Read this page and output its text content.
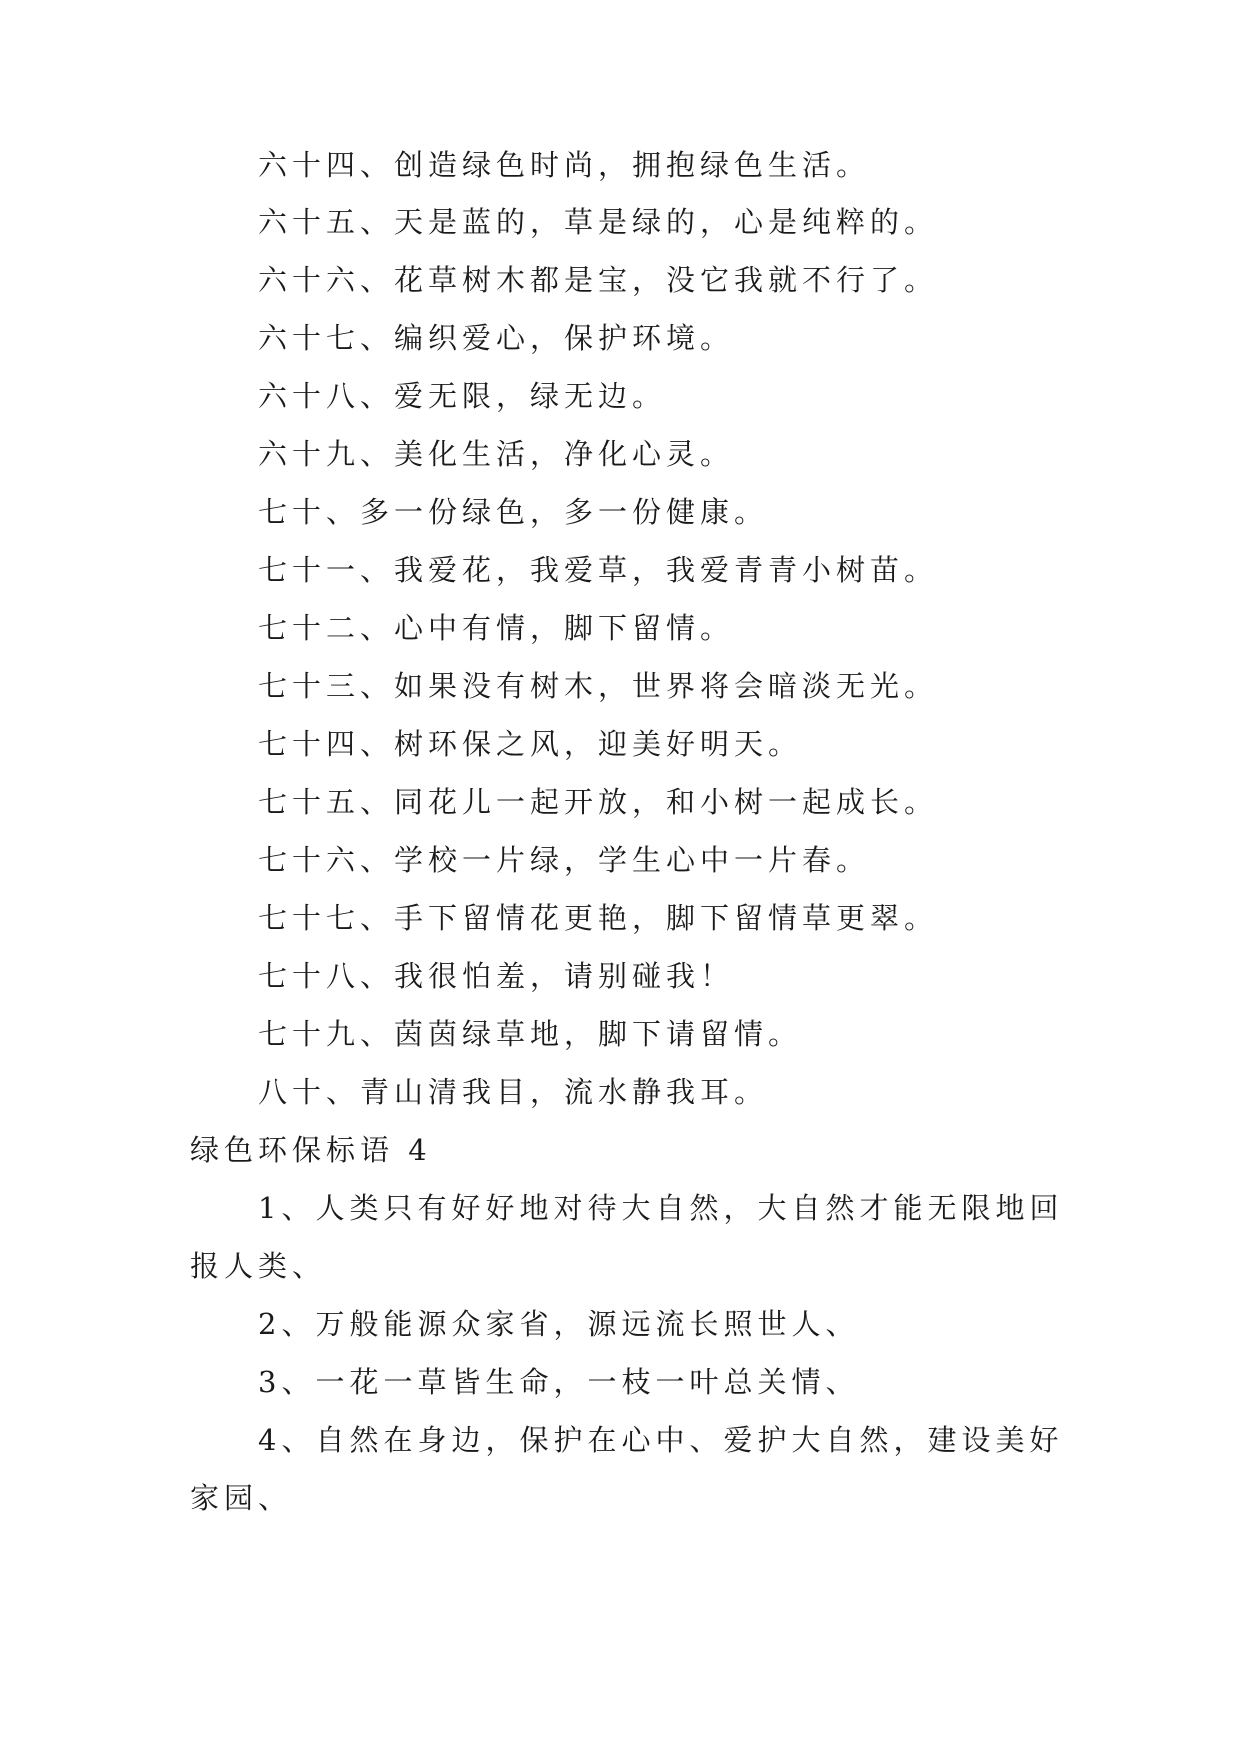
六十四、创造绿色时尚，拥抱绿色生活。
六十五、天是蓝的，草是绿的，心是纯粹的。
六十六、花草树木都是宝，没它我就不行了。
六十七、编织爱心，保护环境。
六十八、爱无限，绿无边。
六十九、美化生活，净化心灵。
七十、多一份绿色，多一份健康。
七十一、我爱花，我爱草，我爱青青小树苗。
七十二、心中有情，脚下留情。
七十三、如果没有树木，世界将会暗淡无光。
七十四、树环保之风，迎美好明天。
七十五、同花儿一起开放，和小树一起成长。
七十六、学校一片绿，学生心中一片春。
七十七、手下留情花更艳，脚下留情草更翠。
七十八、我很怕羞，请别碰我！
七十九、茵茵绿草地，脚下请留情。
八十、青山清我目，流水静我耳。
绿色环保标语 4
1、人类只有好好地对待大自然，大自然才能无限地回
报人类、
2、万般能源众家省，源远流长照世人、
3、一花一草皆生命，一枝一叶总关情、
4、自然在身边，保护在心中、爱护大自然，建设美好
家园、
